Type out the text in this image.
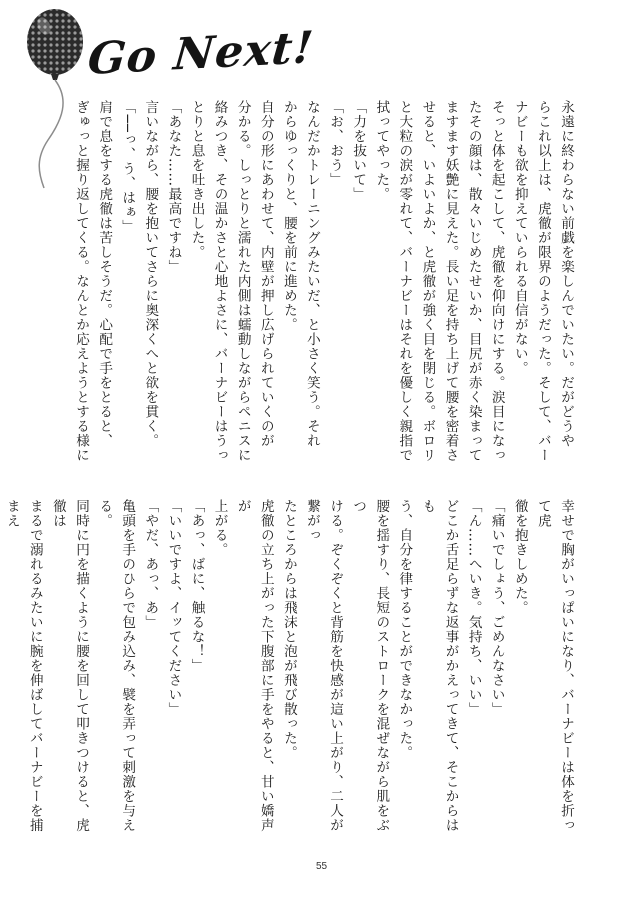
Go Next!

永遠に終わらない前戯を楽しんでいたい。だがどうや

らこれ以上は、虎徹が限界のようだった。そして、バー

ナビーも欲を抑えていられる自信がない。

そっと体を起こして、虎徹を仰向けにする。涙目になっ

たその顔は、散々いじめたせいか、目尻が赤く染まって

ますます妖艶に見えた。長い足を持ち上げて腰を密着さ

せると、いよいよか、と虎徹が強く目を閉じる。ボロリ

と大粒の涙が零れて、バーナビーはそれを優しく親指で

拭ってやった。

「力を抜いて」

「お、おう」

なんだかトレーニングみたいだ、と小さく笑う。それ

からゆっくりと、腰を前に進めた。

自分の形にあわせて、内壁が押し広げられていくのが

分かる。しっとりと濡れた内側は蠕動しながらペニスに

絡みつき、その温かさと心地よさに、バーナビーはうっ

とりと息を吐き出した。

「あなた……最高ですね」

言いながら、腰を抱いてさらに奥深くへと欲を貫く。

「──っ、う、はぁ」

肩で息をする虎徹は苦しそうだ。心配で手をとると、

ぎゅっと握り返してくる。なんとか応えようとする様に

幸せで胸がいっぱいになり、バーナビーは体を折って虎

徹を抱きしめた。

「痛いでしょう、ごめんなさい」

「ん……へいき。気持ち、いい」

どこか舌足らずな返事がかえってきて、そこからはも

う、自分を律することができなかった。

腰を揺すり、長短のストロークを混ぜながら肌をぶつ

ける。ぞくぞくと背筋を快感が這い上がり、二人が繋がっ

たところからは飛沫と泡が飛び散った。

虎徹の立ち上がった下腹部に手をやると、甘い嬌声が

上がる。

「あっ、ばに、触るな！」

「いいですよ、イッてください」

「やだ、あっ、あ」

亀頭を手のひらで包み込み、襞を弄って刺激を与える。

同時に円を描くように腰を回して叩きつけると、虎徹は

まるで溺れるみたいに腕を伸ばしてバーナビーを捕まえ

55
